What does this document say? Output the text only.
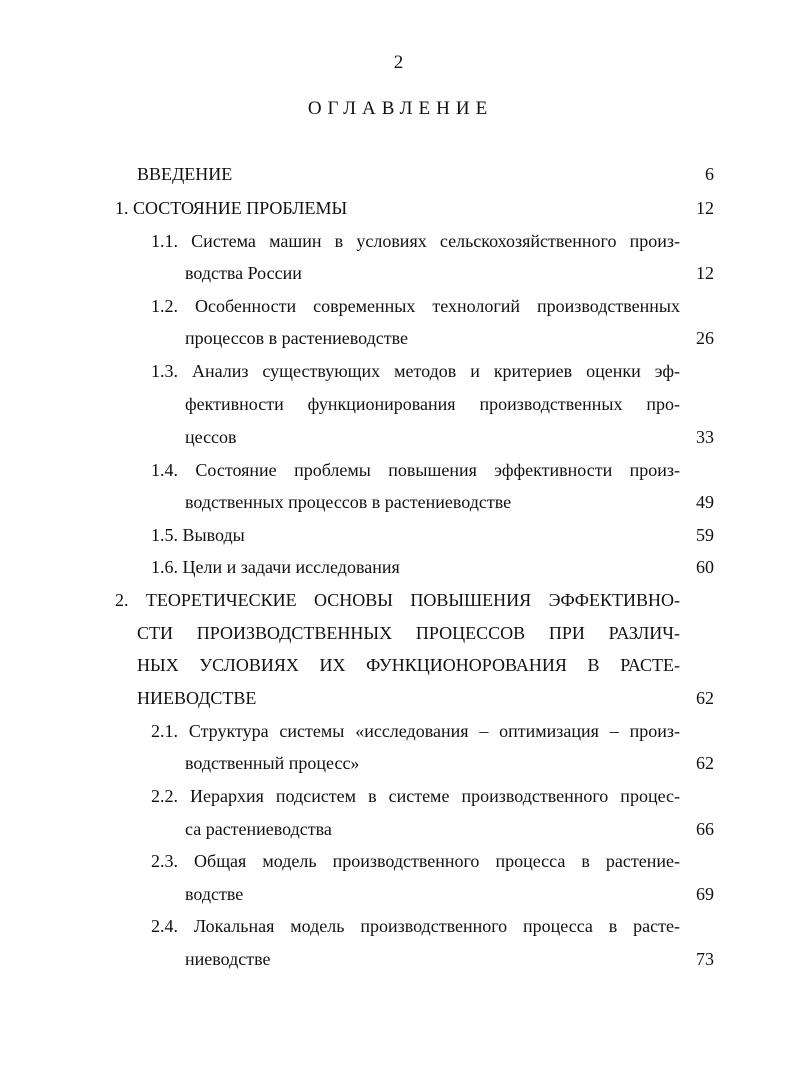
2
ОГЛАВЛЕНИЕ
ВВЕДЕНИЕ	6
1. СОСТОЯНИЕ ПРОБЛЕМЫ	12
1.1. Система машин в условиях сельскохозяйственного произ-
водства России	12
1.2. Особенности современных технологий производственных
процессов в растениеводстве	26
1.3. Анализ существующих методов и критериев оценки эф-
фективности функционирования производственных про-
цессов	33
1.4. Состояние проблемы повышения эффективности произ-
водственных процессов в растениеводстве	49
1.5. Выводы	59
1.6. Цели и задачи исследования	60
2. ТЕОРЕТИЧЕСКИЕ ОСНОВЫ ПОВЫШЕНИЯ ЭФФЕКТИВНО-
СТИ ПРОИЗВОДСТВЕННЫХ ПРОЦЕССОВ ПРИ РАЗЛИЧ-
НЫХ УСЛОВИЯХ ИХ ФУНКЦИОНОРОВАНИЯ В РАСТЕ-
НИЕВОДСТВЕ	62
2.1. Структура системы «исследования – оптимизация – произ-
водственный процесс»	62
2.2. Иерархия подсистем в системе производственного процес-
са растениеводства	66
2.3. Общая модель производственного процесса в растение-
водстве	69
2.4. Локальная модель производственного процесса в расте-
ниеводстве	73
